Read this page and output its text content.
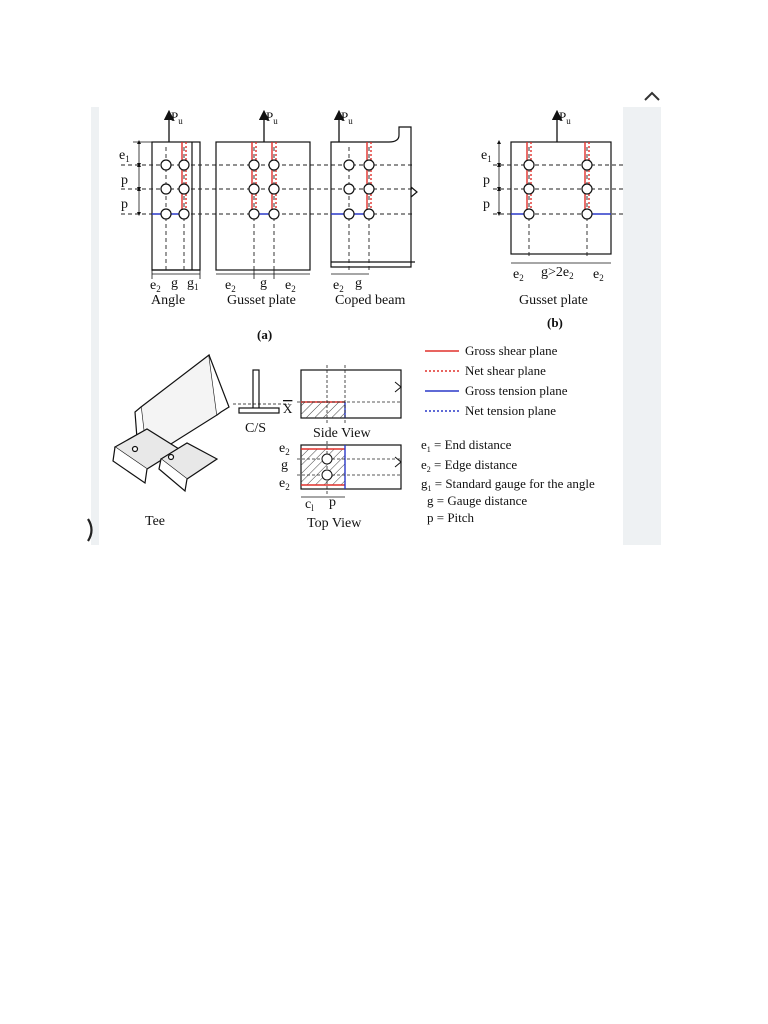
$P_u$
$e_1$
p
p
$e_2$ g $g_1$
Angle
$P_u$
$e_2$ g $e_2$
Gusset plate
$P_u$
$e_2$ g
Coped beam
(a)
$P_u$
$e_1$
p
p
$e_2$ $g>2e_2$ $e_2$
Gusset plate
(b)
Tee
C/S
X
Side View
$e_2$
g
$e_2$
$c_l$ p
Top View
Gross shear plane
Net shear plane
Gross tension plane
Net tension plane
$e_1$ = End distance
$e_2$ = Edge distance
$g_1$ = Standard gauge for the angle
g = Gauge distance
p = Pitch
